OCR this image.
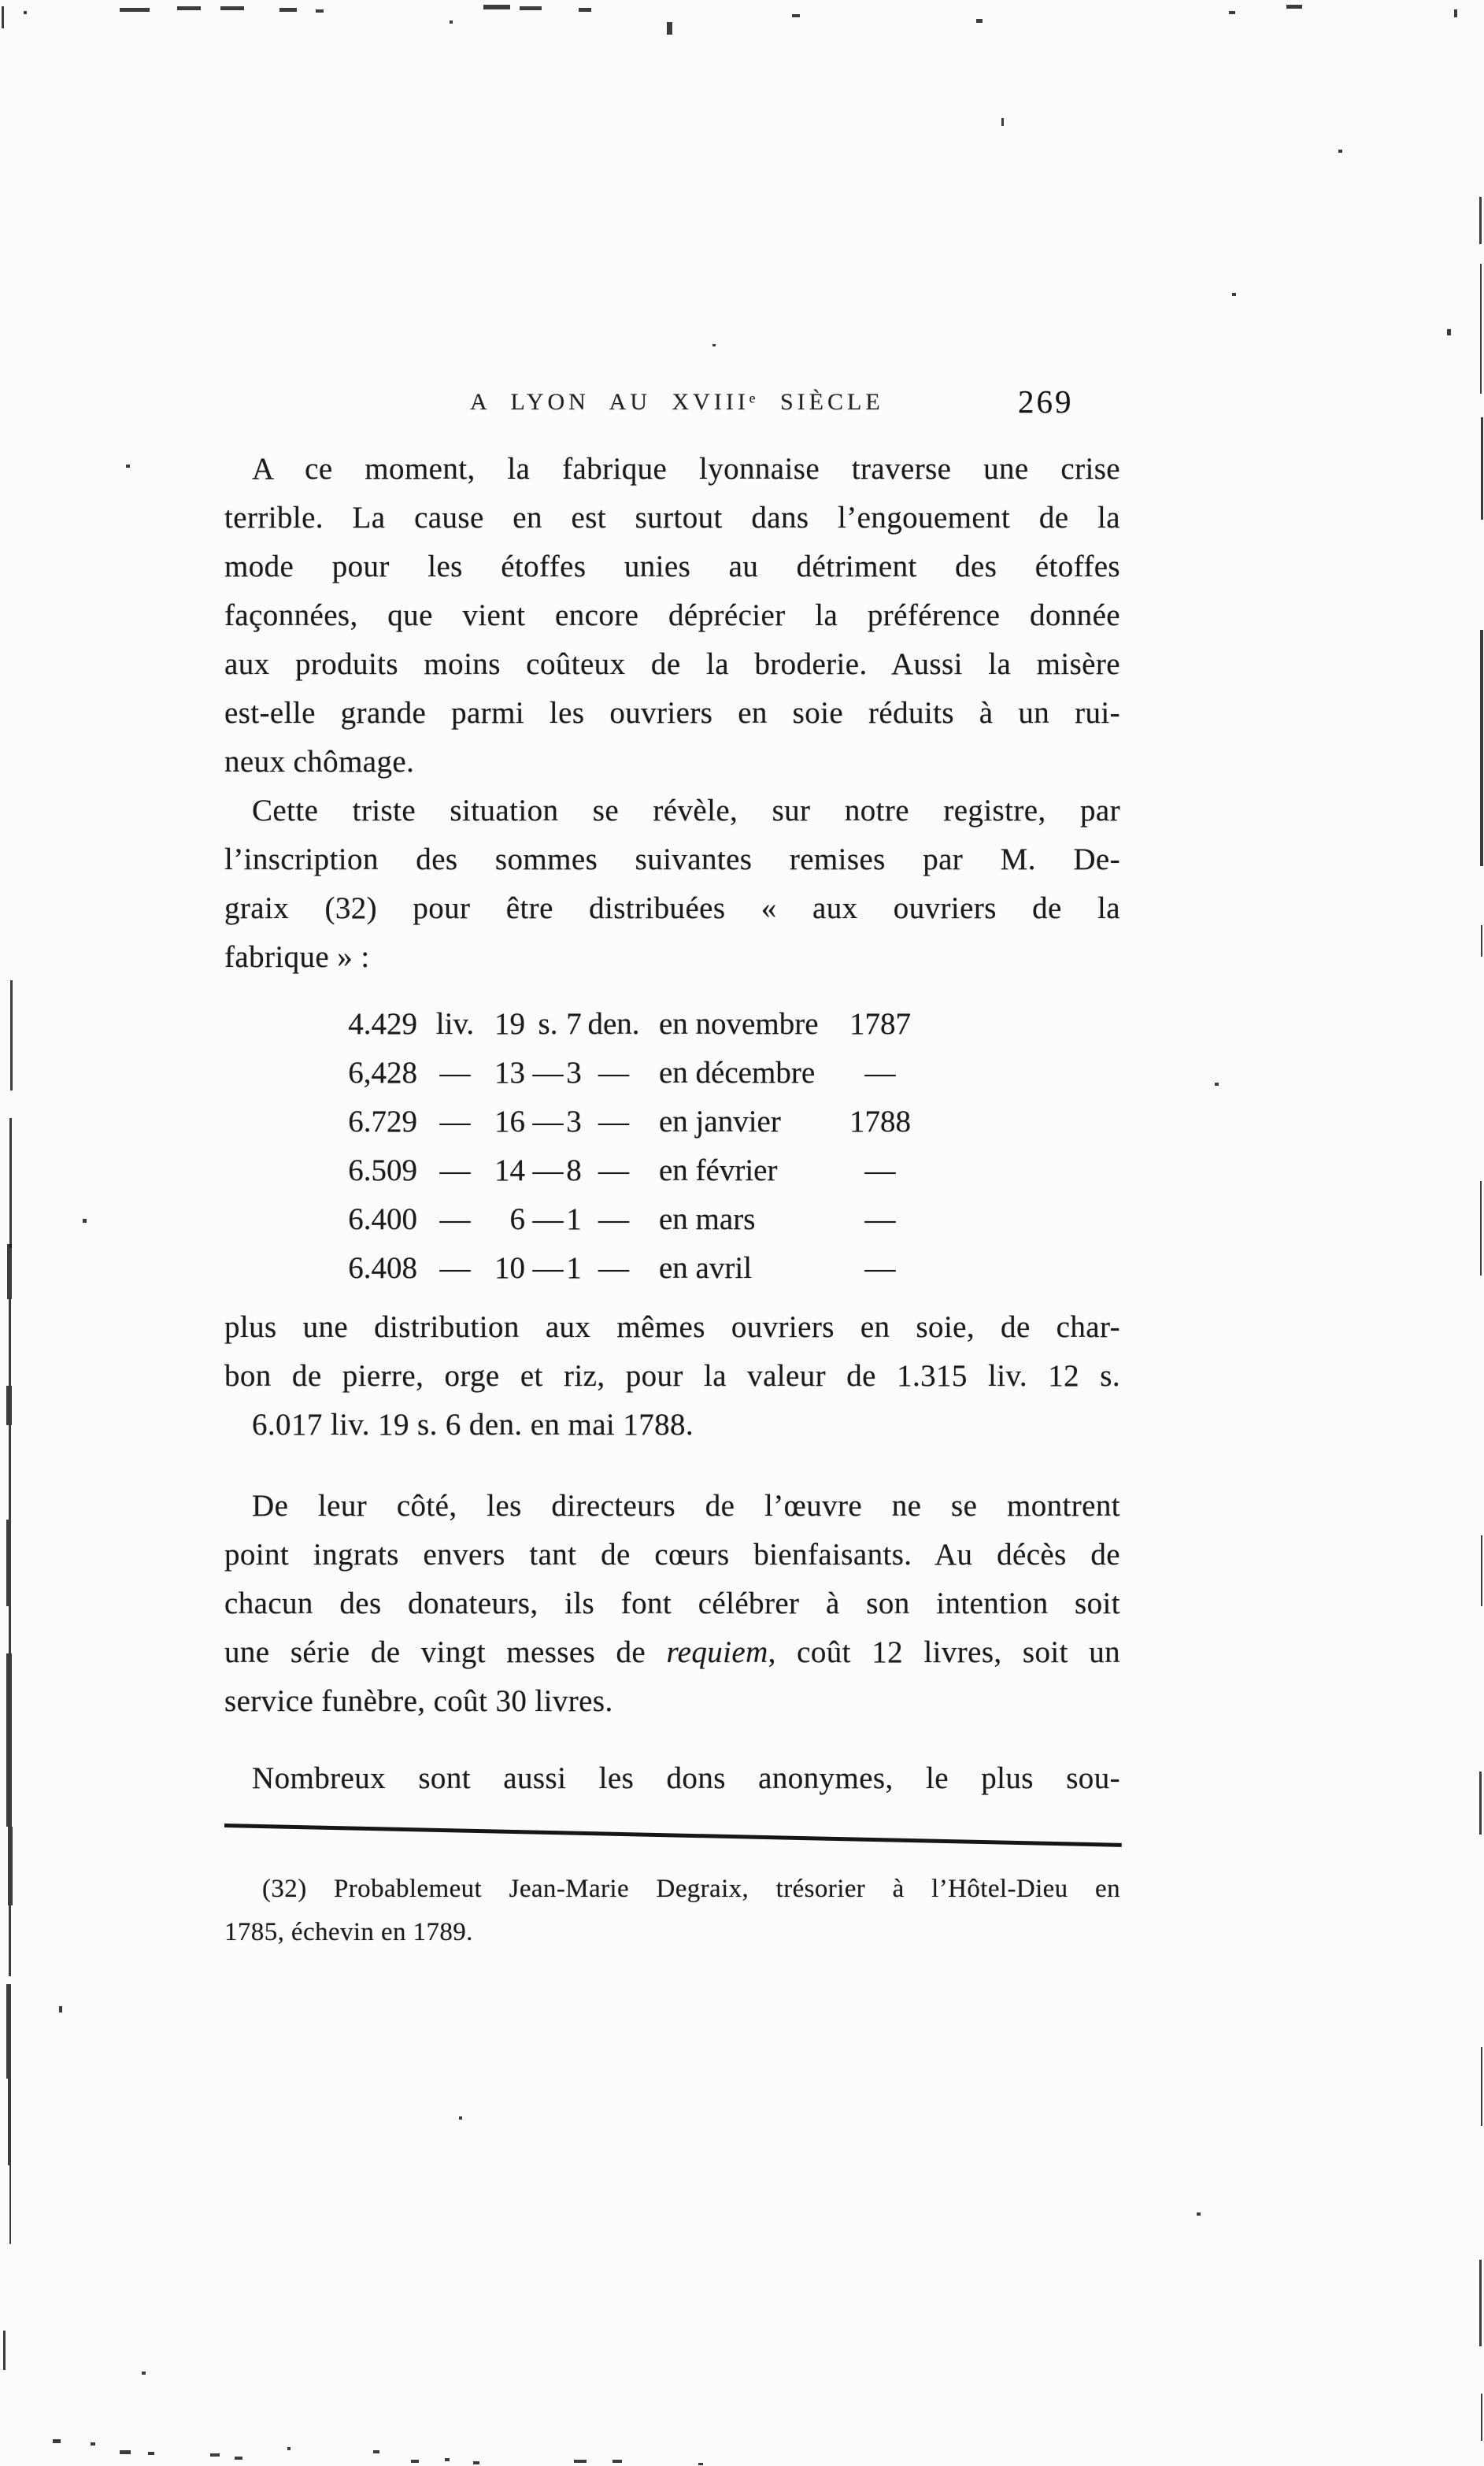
A LYON AU XVIIIᵉ SIÈCLE	269
A ce moment, la fabrique lyonnaise traverse une crise
terrible. La cause en est surtout dans l’engouement de la
mode pour les étoffes unies au détriment des étoffes
façonnées, que vient encore déprécier la préférence donnée
aux produits moins coûteux de la broderie. Aussi la misère
est-elle grande parmi les ouvriers en soie réduits à un rui-
neux chômage.
Cette triste situation se révèle, sur notre registre, par
l’inscription des sommes suivantes remises par M. De-
graix (32) pour être distribuées « aux ouvriers de la
fabrique » :
4.429 liv. 19 s. 7 den. en novembre	1787
6,428 — 13 — 3 — en décembre	—
6.729 — 16 — 3 — en janvier	1788
6.509 — 14 — 8 — en février	—
6.400 —	6 — 1 — en mars	—
6.408 — 10 — 1 — en avril	—
plus une distribution aux mêmes ouvriers en soie, de char-
bon de pierre, orge et riz, pour la valeur de 1.315 liv. 12 s.
6.017 liv. 19 s. 6 den. en mai 1788.
De leur côté, les directeurs de l’œuvre ne se montrent
point ingrats envers tant de cœurs bienfaisants. Au décès de
chacun des donateurs, ils font célébrer à son intention soit
une série de vingt messes de requiem, coût 12 livres, soit un
service funèbre, coût 30 livres.
Nombreux sont aussi les dons anonymes, le plus sou-
(32) Probablemeut Jean-Marie Degraix, trésorier à l’Hôtel-Dieu en
1785, échevin en 1789.
